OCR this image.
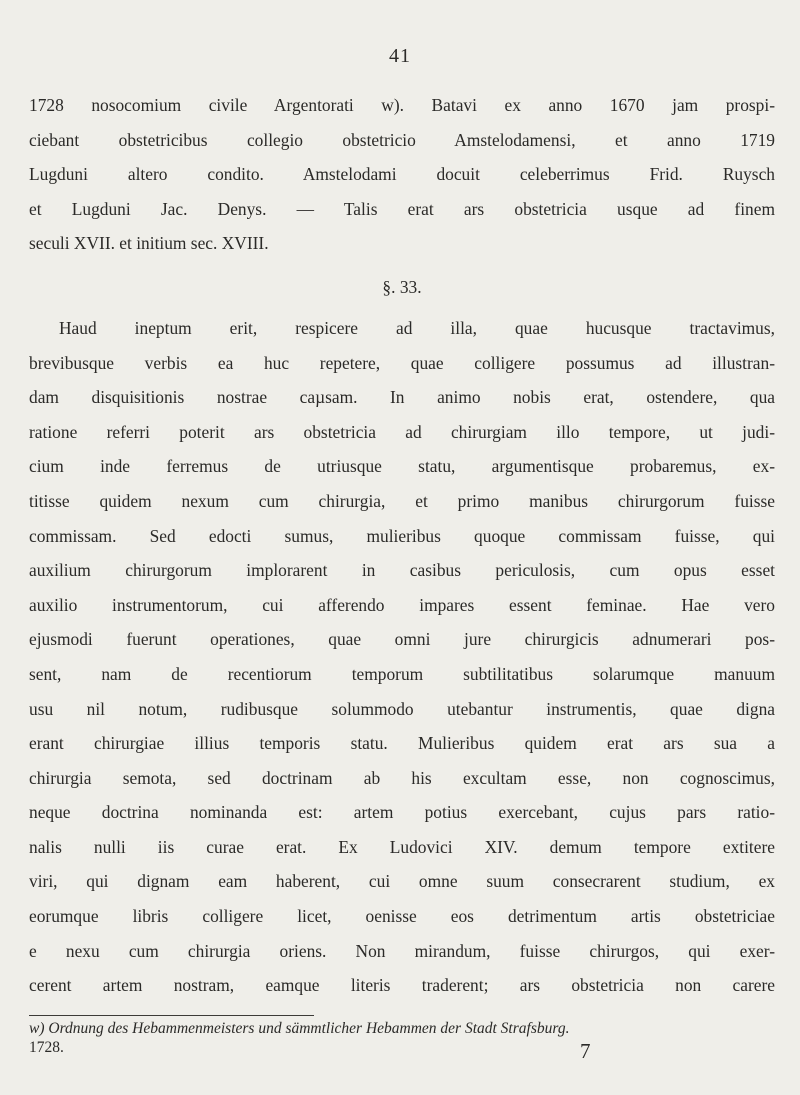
41
1728 nosocomium civile Argentorati w). Batavi ex anno 1670 jam prospi-
ciebant obstetricibus collegio obstetricio Amstelodamensi, et anno 1719
Lugduni altero condito. Amstelodami docuit celeberrimus Frid. Ruysch
et Lugduni Jac. Denys. — Talis erat ars obstetricia usque ad finem
seculi XVII. et initium sec. XVIII.
§. 33.
Haud ineptum erit, respicere ad illa, quae hucusque tractavimus,
brevibusque verbis ea huc repetere, quae colligere possumus ad illustran-
dam disquisitionis nostrae caµsam. In animo nobis erat, ostendere, qua
ratione referri poterit ars obstetricia ad chirurgiam illo tempore, ut judi-
cium inde ferremus de utriusque statu, argumentisque probaremus, ex-
titisse quidem nexum cum chirurgia, et primo manibus chirurgorum fuisse
commissam. Sed edocti sumus, mulieribus quoque commissam fuisse, qui
auxilium chirurgorum implorarent in casibus periculosis, cum opus esset
auxilio instrumentorum, cui afferendo impares essent feminae. Hae vero
ejusmodi fuerunt operationes, quae omni jure chirurgicis adnumerari pos-
sent, nam de recentiorum temporum subtilitatibus solarumque manuum
usu nil notum, rudibusque solummodo utebantur instrumentis, quae digna
erant chirurgiae illius temporis statu. Mulieribus quidem erat ars sua a
chirurgia semota, sed doctrinam ab his excultam esse, non cognoscimus,
neque doctrina nominanda est: artem potius exercebant, cujus pars ratio-
nalis nulli iis curae erat. Ex Ludovici XIV. demum tempore extitere
viri, qui dignam eam haberent, cui omne suum consecrarent studium, ex
eorumque libris colligere licet, oenisse eos detrimentum artis obstetriciae
e nexu cum chirurgia oriens. Non mirandum, fuisse chirurgos, qui exer-
cerent artem nostram, eamque literis traderent; ars obstetricia non carere
w) Ordnung des Hebammenmeisters und sämmtlicher Hebammen der Stadt Strafsburg.
1728.	7
